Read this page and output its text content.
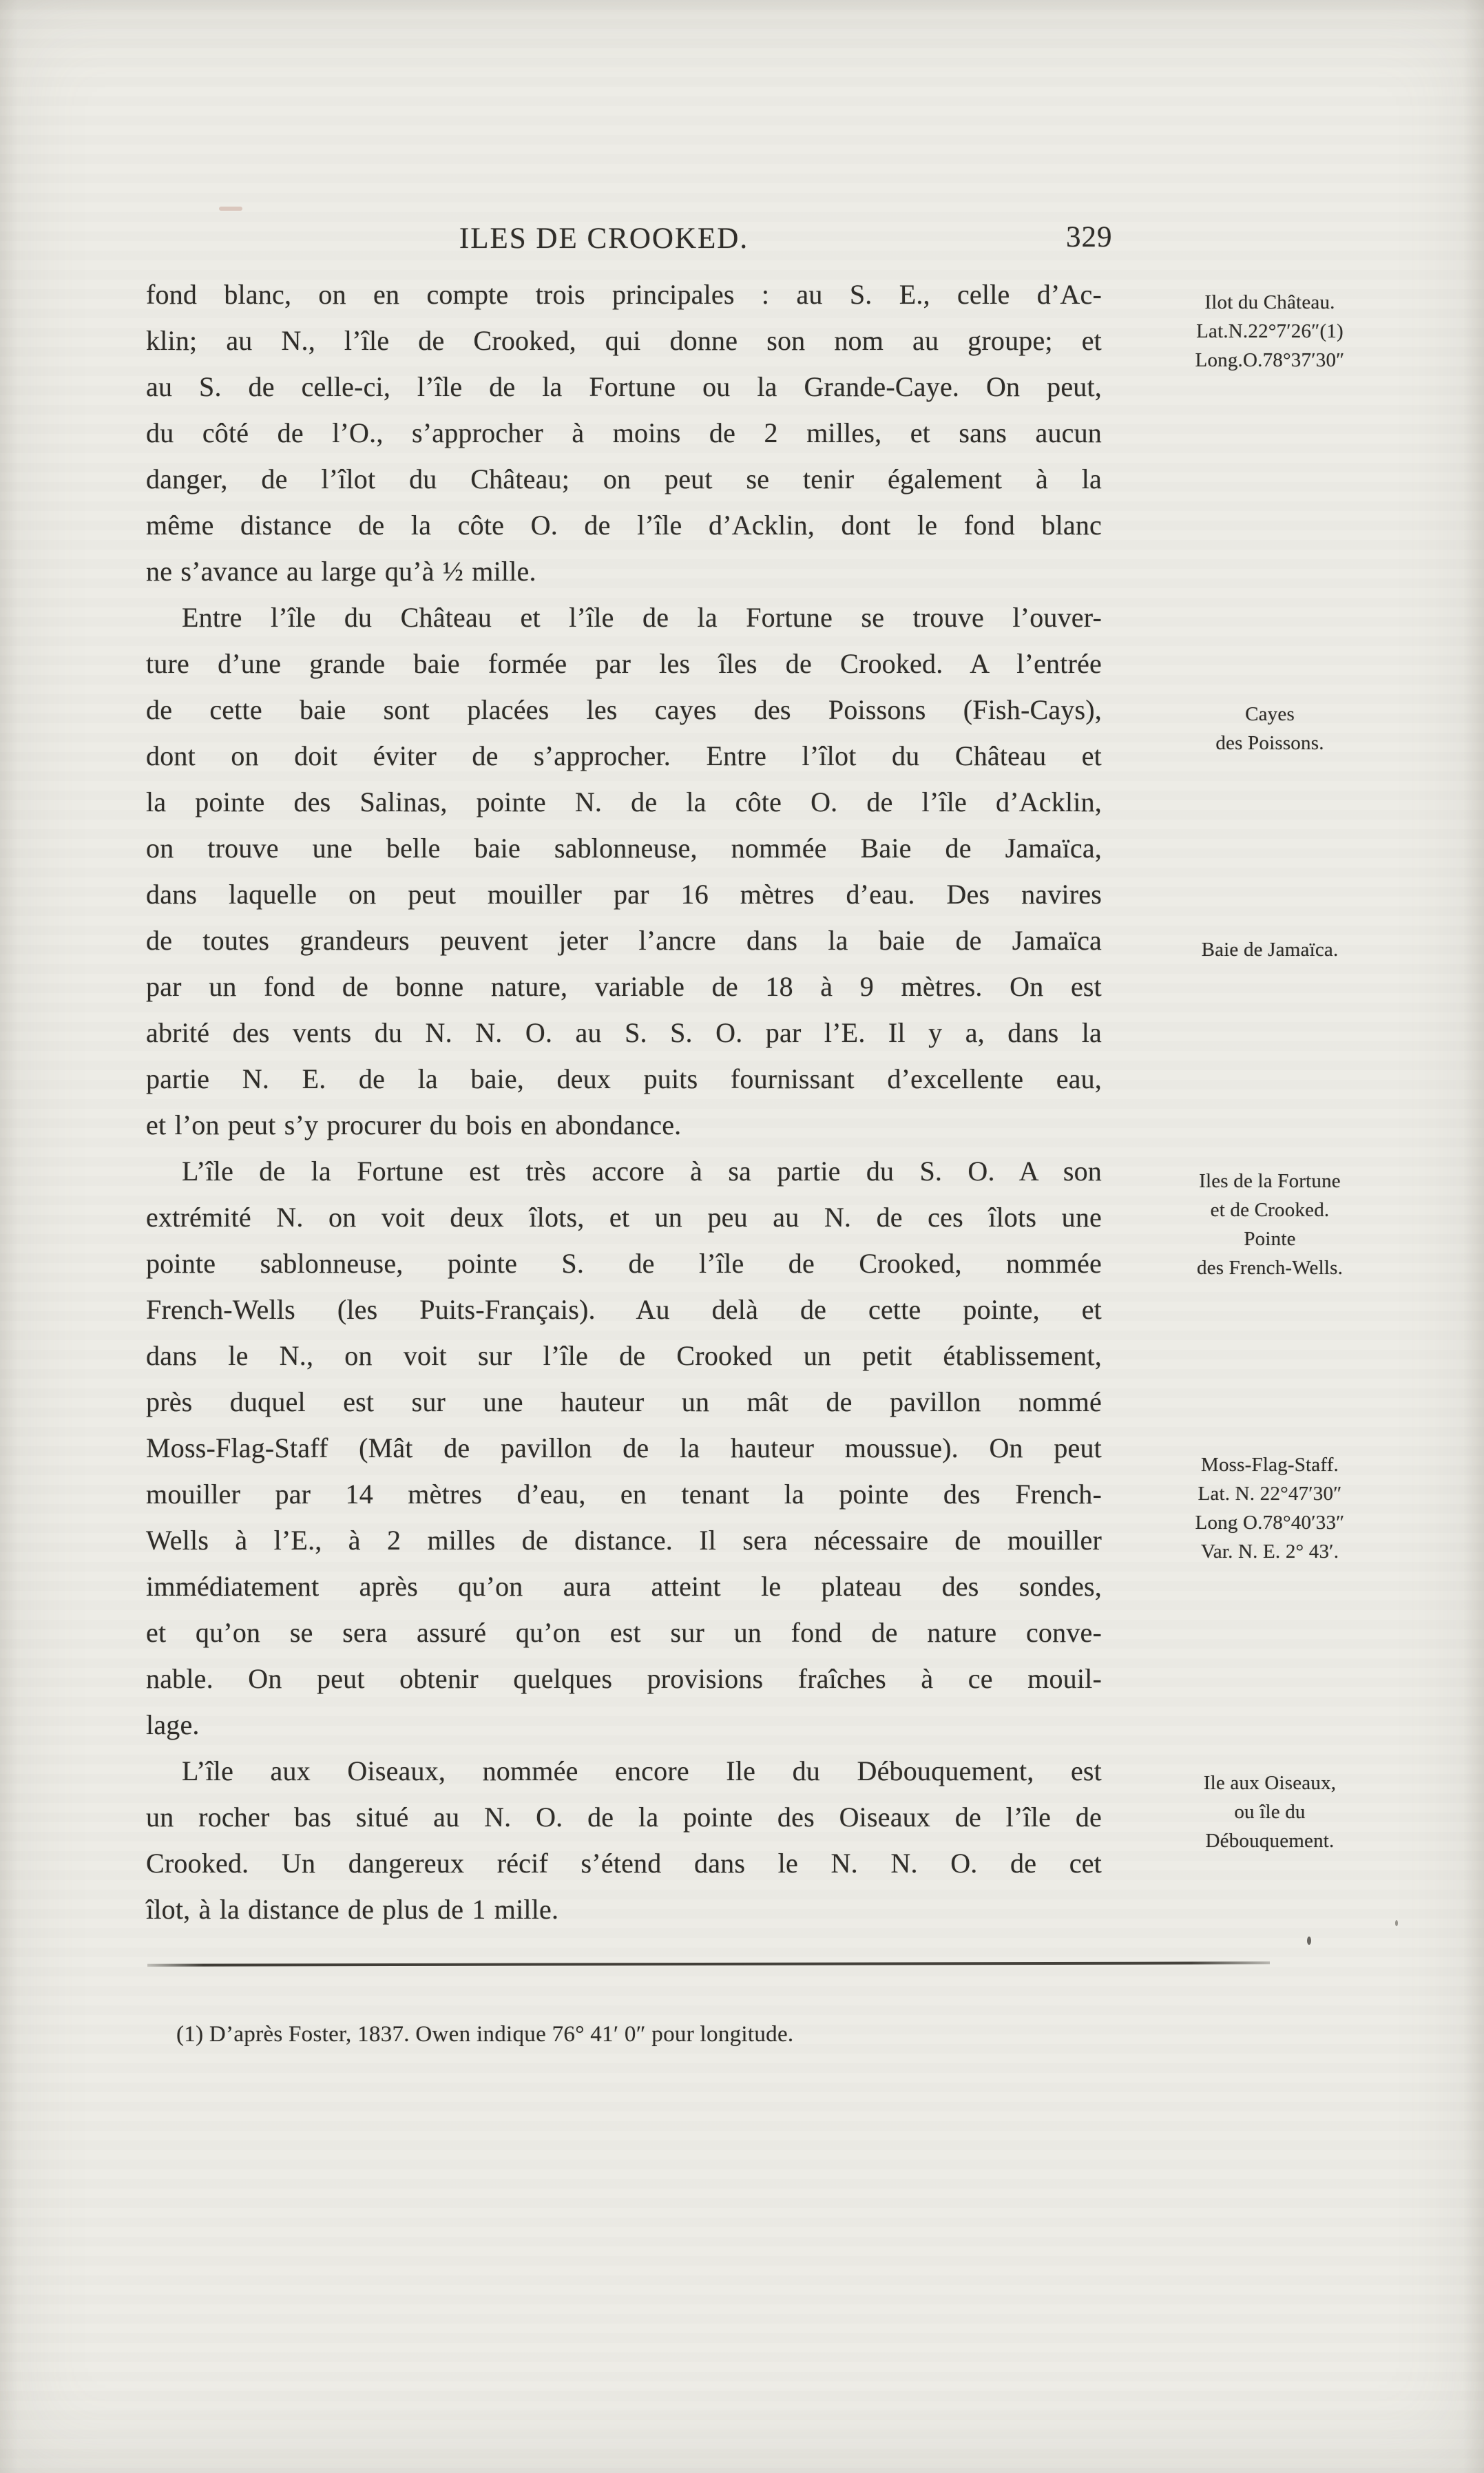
ILES DE CROOKED.	329
fond blanc, on en compte trois principales : au S. E., celle d’Ac-
klin; au N., l’île de Crooked, qui donne son nom au groupe; et
au S. de celle-ci, l’île de la Fortune ou la Grande-Caye. On peut,
du côté de l’O., s’approcher à moins de 2 milles, et sans aucun
danger, de l’îlot du Château; on peut se tenir également à la
même distance de la côte O. de l’île d’Acklin, dont le fond blanc
ne s’avance au large qu’à ½ mille.
Entre l’île du Château et l’île de la Fortune se trouve l’ouver-
ture d’une grande baie formée par les îles de Crooked. A l’entrée
de cette baie sont placées les cayes des Poissons (Fish-Cays),
dont on doit éviter de s’approcher. Entre l’îlot du Château et
la pointe des Salinas, pointe N. de la côte O. de l’île d’Acklin,
on trouve une belle baie sablonneuse, nommée Baie de Jamaïca,
dans laquelle on peut mouiller par 16 mètres d’eau. Des navires
de toutes grandeurs peuvent jeter l’ancre dans la baie de Jamaïca
par un fond de bonne nature, variable de 18 à 9 mètres. On est
abrité des vents du N. N. O. au S. S. O. par l’E. Il y a, dans la
partie N. E. de la baie, deux puits fournissant d’excellente eau,
et l’on peut s’y procurer du bois en abondance.
L’île de la Fortune est très accore à sa partie du S. O. A son
extrémité N. on voit deux îlots, et un peu au N. de ces îlots une
pointe sablonneuse, pointe S. de l’île de Crooked, nommée
French-Wells (les Puits-Français). Au delà de cette pointe, et
dans le N., on voit sur l’île de Crooked un petit établissement,
près duquel est sur une hauteur un mât de pavillon nommé
Moss-Flag-Staff (Mât de pavillon de la hauteur moussue). On peut
mouiller par 14 mètres d’eau, en tenant la pointe des French-
Wells à l’E., à 2 milles de distance. Il sera nécessaire de mouiller
immédiatement après qu’on aura atteint le plateau des sondes,
et qu’on se sera assuré qu’on est sur un fond de nature conve-
nable. On peut obtenir quelques provisions fraîches à ce mouil-
lage.
L’île aux Oiseaux, nommée encore Ile du Débouquement, est
un rocher bas situé au N. O. de la pointe des Oiseaux de l’île de
Crooked. Un dangereux récif s’étend dans le N. N. O. de cet
îlot, à la distance de plus de 1 mille.
Ilot du Château.
Lat.N.22°7′26″(1)
Long.O.78°37′30″
Cayes
des Poissons.
Baie de Jamaïca.
Iles de la Fortune
et de Crooked.
Pointe
des French-Wells.
Moss-Flag-Staff.
Lat. N. 22°47′30″
Long O.78°40′33″
Var. N. E. 2° 43′.
Ile aux Oiseaux,
ou île du
Débouquement.
(1) D’après Foster, 1837. Owen indique 76° 41′ 0″ pour longitude.
